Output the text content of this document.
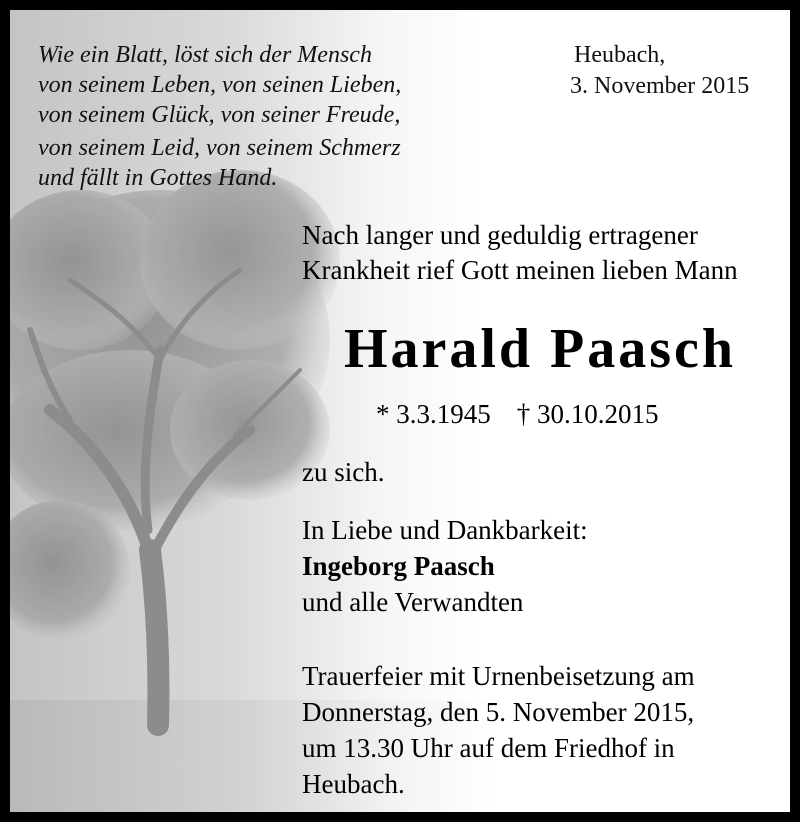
Wie ein Blatt, löst sich der Mensch
von seinem Leben, von seinen Lieben,
von seinem Glück, von seiner Freude,
von seinem Leid, von seinem Schmerz
und fällt in Gottes Hand.
Heubach,
3. November 2015
Nach langer und geduldig ertragener
Krankheit rief Gott meinen lieben Mann
Harald Paasch
* 3.3.1945 † 30.10.2015
zu sich.
In Liebe und Dankbarkeit:
Ingeborg Paasch
und alle Verwandten
Trauerfeier mit Urnenbeisetzung am
Donnerstag, den 5. November 2015,
um 13.30 Uhr auf dem Friedhof in
Heubach.
